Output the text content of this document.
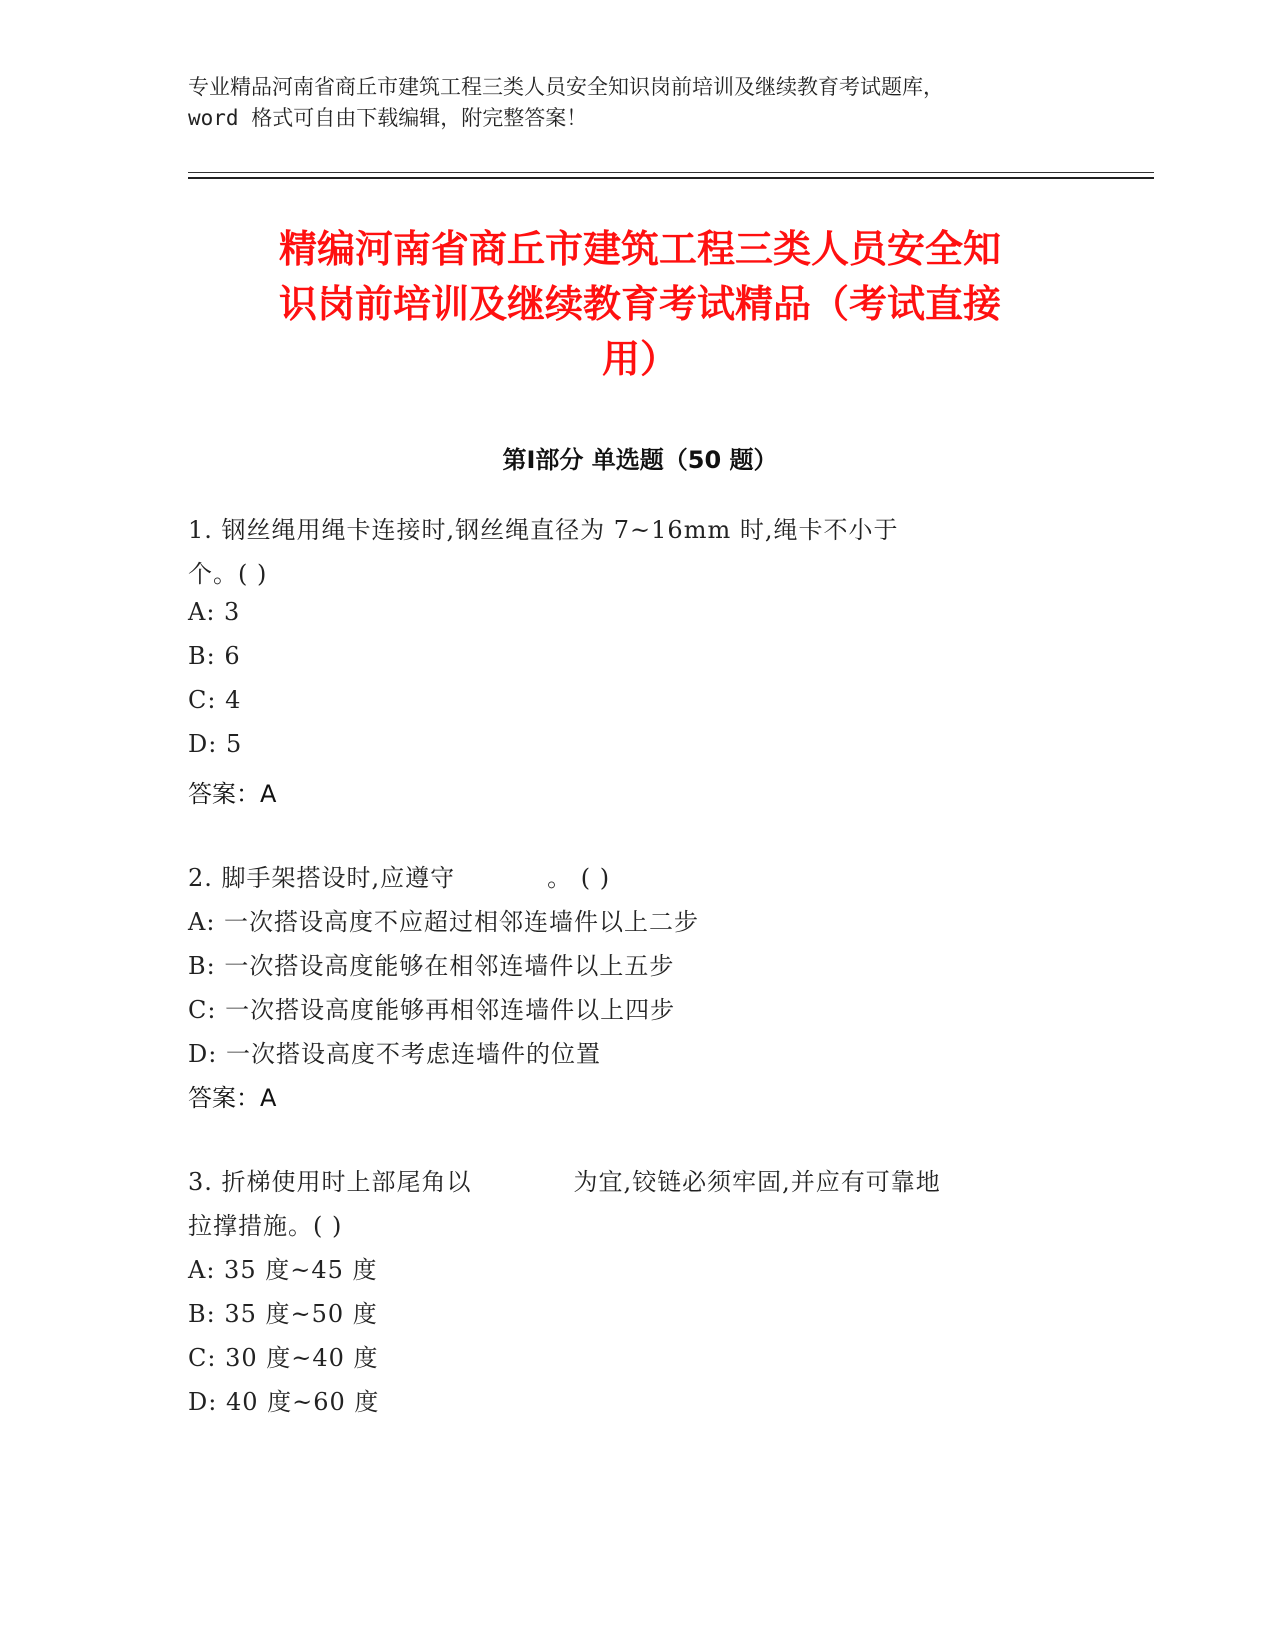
专业精品河南省商丘市建筑工程三类人员安全知识岗前培训及继续教育考试题库，
word 格式可自由下载编辑，附完整答案！
精编河南省商丘市建筑工程三类人员安全知
识岗前培训及继续教育考试精品（考试直接
用）
第Ⅰ部分 单选题（50 题）
1. 钢丝绳用绳卡连接时,钢丝绳直径为 7~16mm 时,绳卡不小于
个。( )
A: 3
B: 6
C: 4
D: 5
答案：A
2. 脚手架搭设时,应遵守	。 ( )
A: 一次搭设高度不应超过相邻连墙件以上二步
B: 一次搭设高度能够在相邻连墙件以上五步
C: 一次搭设高度能够再相邻连墙件以上四步
D: 一次搭设高度不考虑连墙件的位置
答案：A
3. 折梯使用时上部尾角以	为宜,铰链必须牢固,并应有可靠地
拉撑措施。( )
A: 35 度~45 度
B: 35 度~50 度
C: 30 度~40 度
D: 40 度~60 度
